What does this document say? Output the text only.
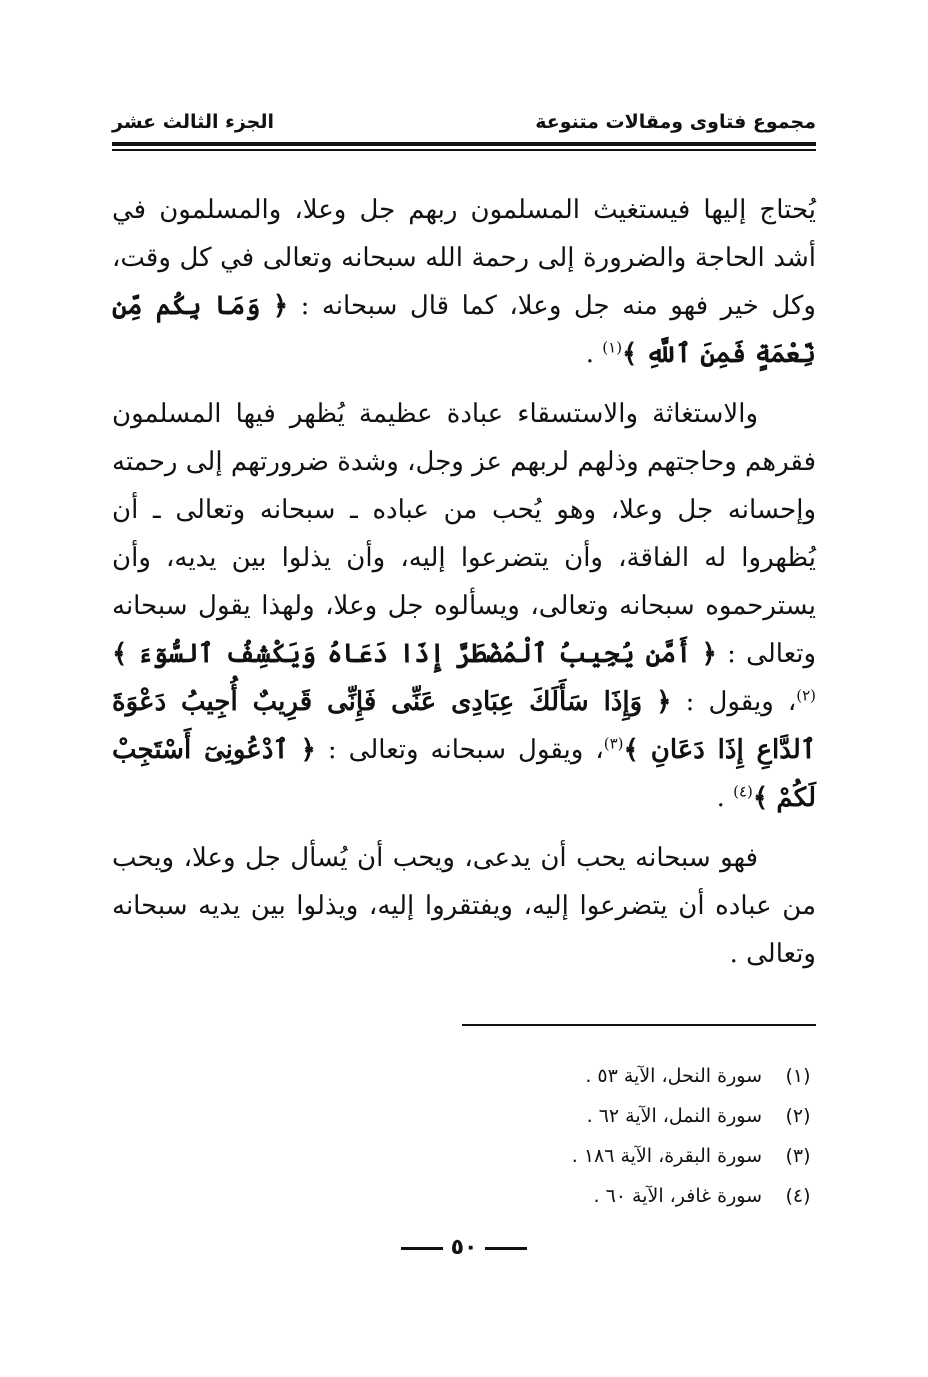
مجموع فتاوى ومقالات متنوعة
الجزء الثالث عشر

يُحتاج إليها فيستغيث المسلمون ربهم جل وعلا، والمسلمون في أشد الحاجة والضرورة إلى رحمة الله سبحانه وتعالى في كل وقت، وكل خير فهو منه جل وعلا، كما قال سبحانه : ﴿ وَمَا بِكُم مِّن نِّعْمَةٍ فَمِنَ ٱللَّهِ ﴾$^{(١)}$ .

والاستغاثة والاستسقاء عبادة عظيمة يُظهر فيها المسلمون فقرهم وحاجتهم وذلهم لربهم عز وجل، وشدة ضرورتهم إلى رحمته وإحسانه جل وعلا، وهو يُحب من عباده ـ سبحانه وتعالى ـ أن يُظهروا له الفاقة، وأن يتضرعوا إليه، وأن يذلوا بين يديه، وأن يسترحموه سبحانه وتعالى، ويسألوه جل وعلا، ولهذا يقول سبحانه وتعالى : ﴿ أَمَّن يُجِيبُ ٱلْمُضْطَرَّ إِذَا دَعَاهُ وَيَكْشِفُ ٱلسُّوٓءَ ﴾$^{(٢)}$، ويقول : ﴿ وَإِذَا سَأَلَكَ عِبَادِى عَنِّى فَإِنِّى قَرِيبٌ أُجِيبُ دَعْوَةَ ٱلدَّاعِ إِذَا دَعَانِ ﴾$^{(٣)}$، ويقول سبحانه وتعالى : ﴿ ٱدْعُونِىٓ أَسْتَجِبْ لَكُمْ ﴾$^{(٤)}$ .

فهو سبحانه يحب أن يدعى، ويحب أن يُسأل جل وعلا، ويحب من عباده أن يتضرعوا إليه، ويفتقروا إليه، ويذلوا بين يديه سبحانه وتعالى .

(١)
سورة النحل، الآية ٥٣ .
(٢)
سورة النمل، الآية ٦٢ .
(٣)
سورة البقرة، الآية ١٨٦ .
(٤)
سورة غافر، الآية ٦٠ .
٥٠
